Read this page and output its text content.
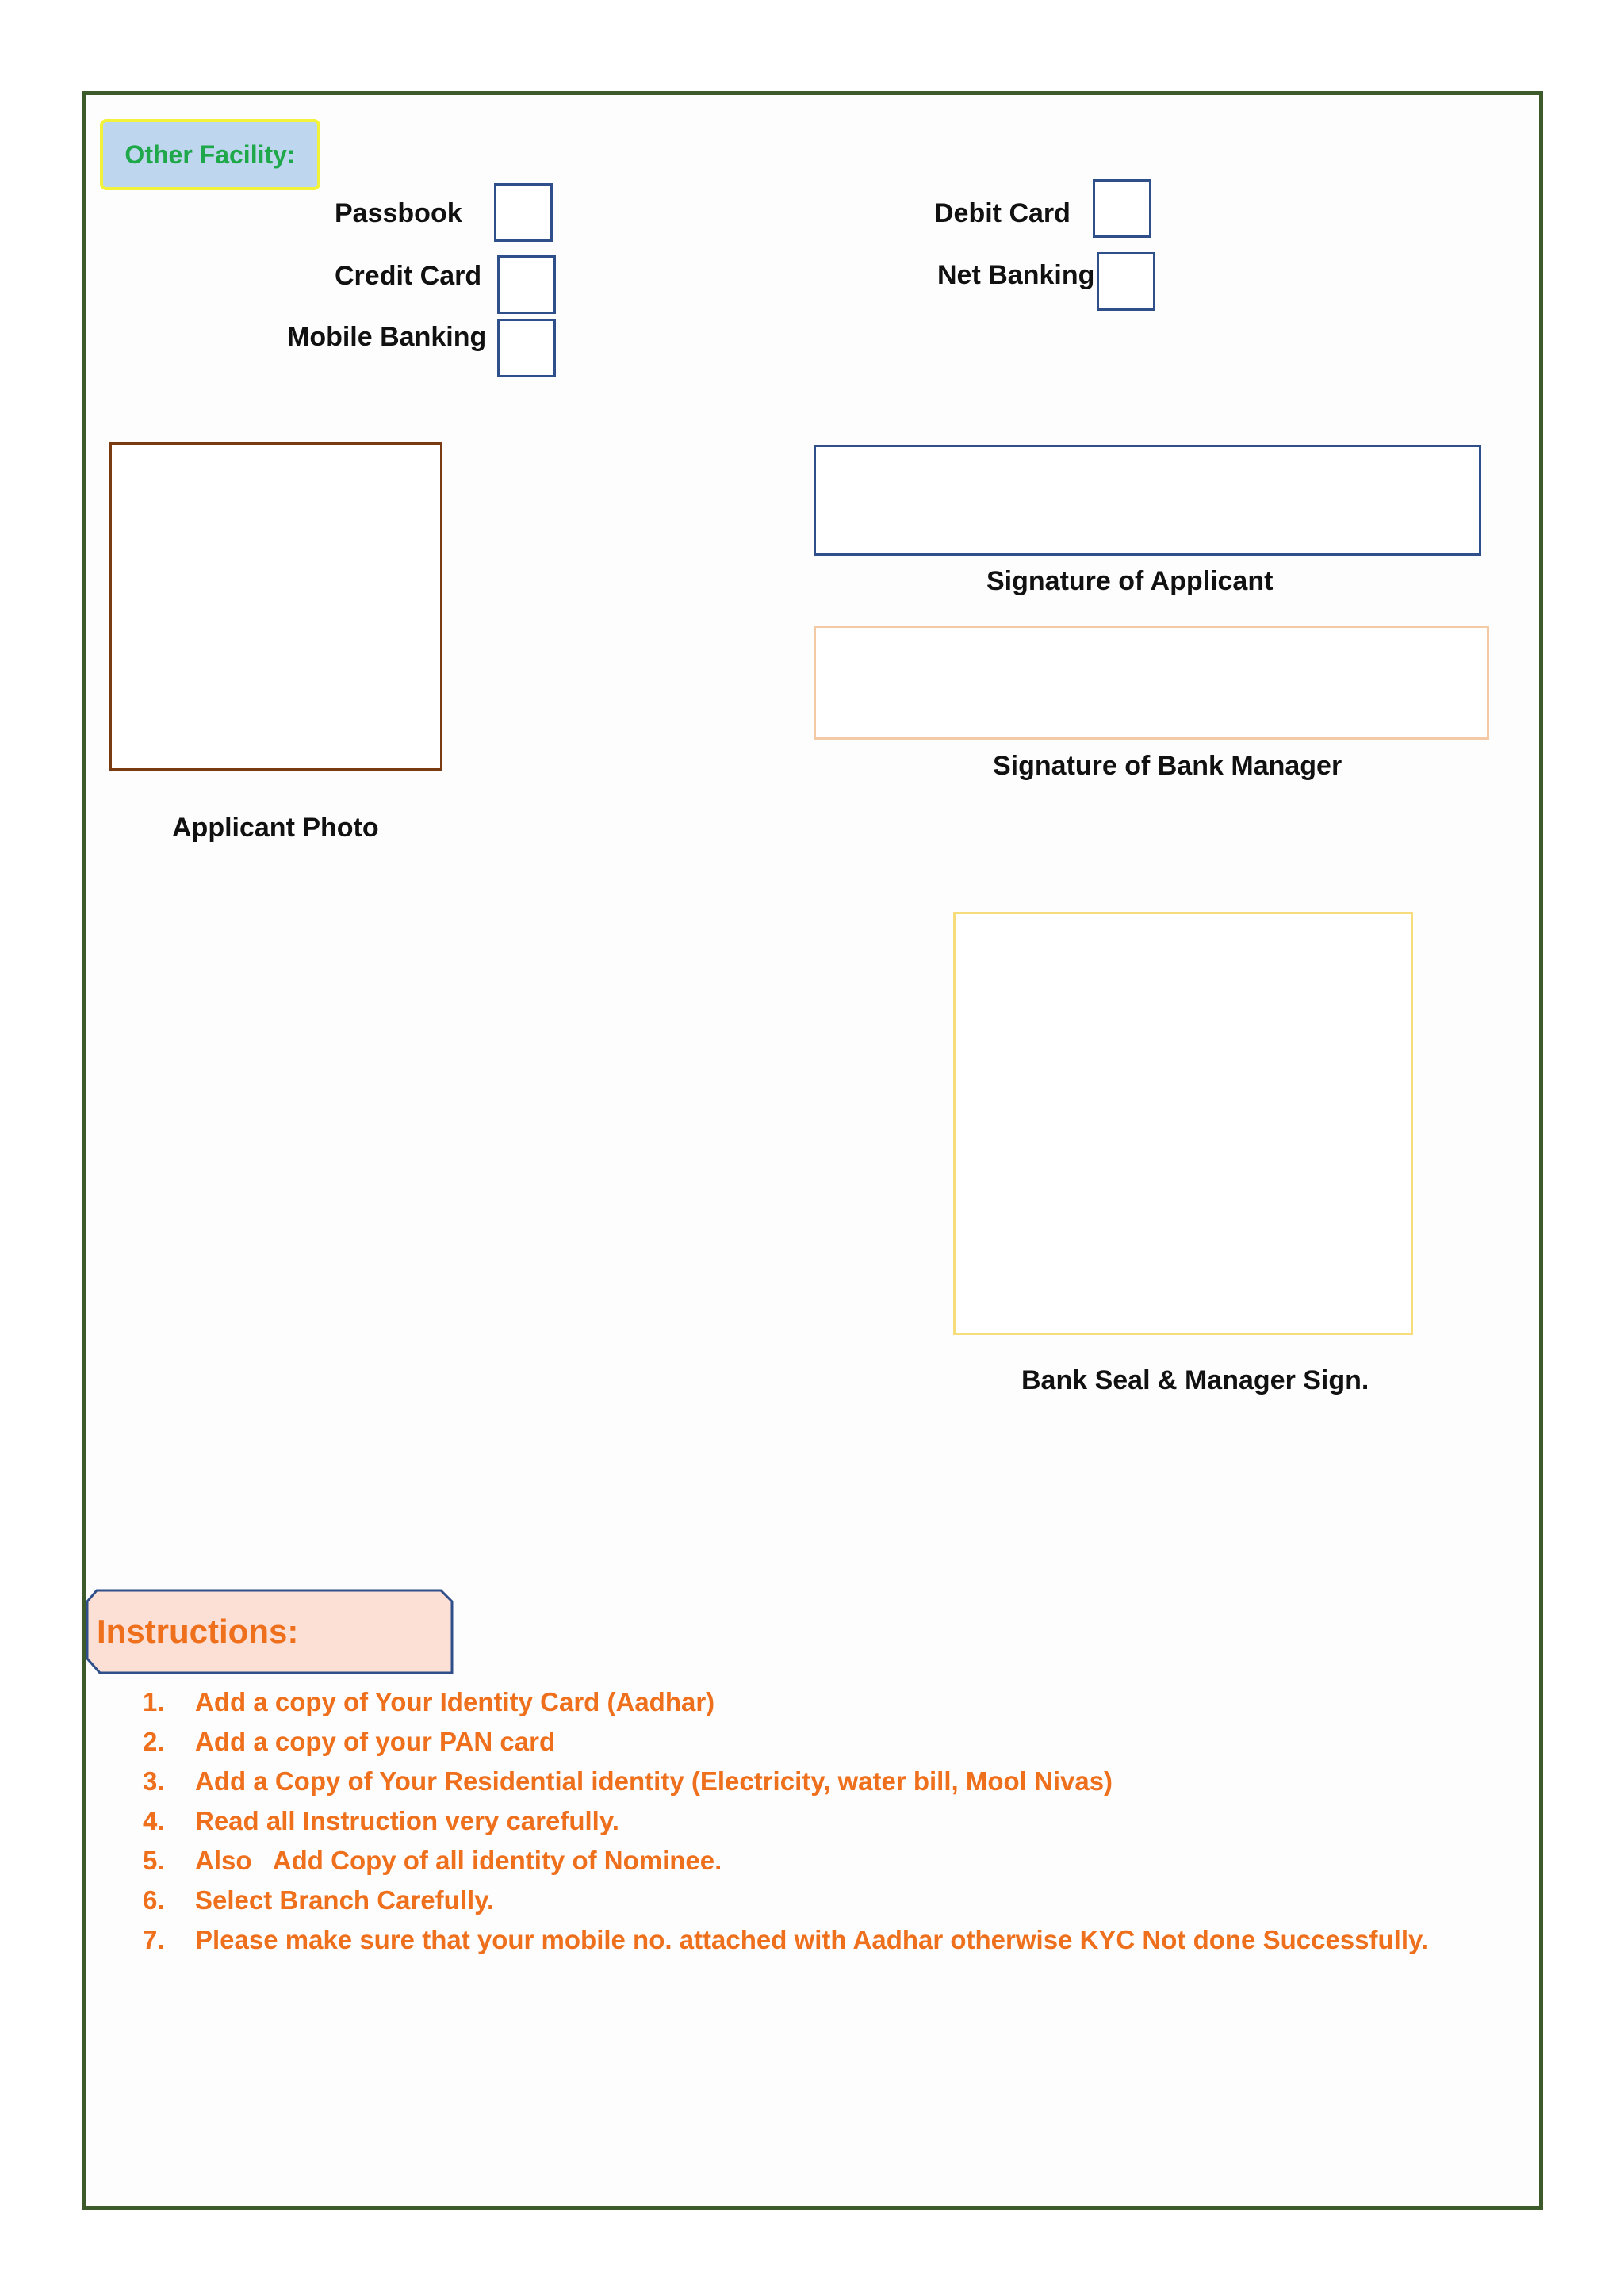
Other Facility:
Passbook
Credit Card
Mobile Banking
Debit Card
Net Banking
Applicant Photo
Signature of Applicant
Signature of Bank Manager
Bank Seal & Manager Sign.
Instructions:
1.	Add a copy of Your Identity Card (Aadhar)
2.	Add a copy of your PAN card
3.	Add a Copy of Your Residential identity (Electricity, water bill, Mool Nivas)
4.	Read all Instruction very carefully.
5.	Also   Add Copy of all identity of Nominee.
6.	Select Branch Carefully.
7.	Please make sure that your mobile no. attached with Aadhar otherwise KYC Not done Successfully.
